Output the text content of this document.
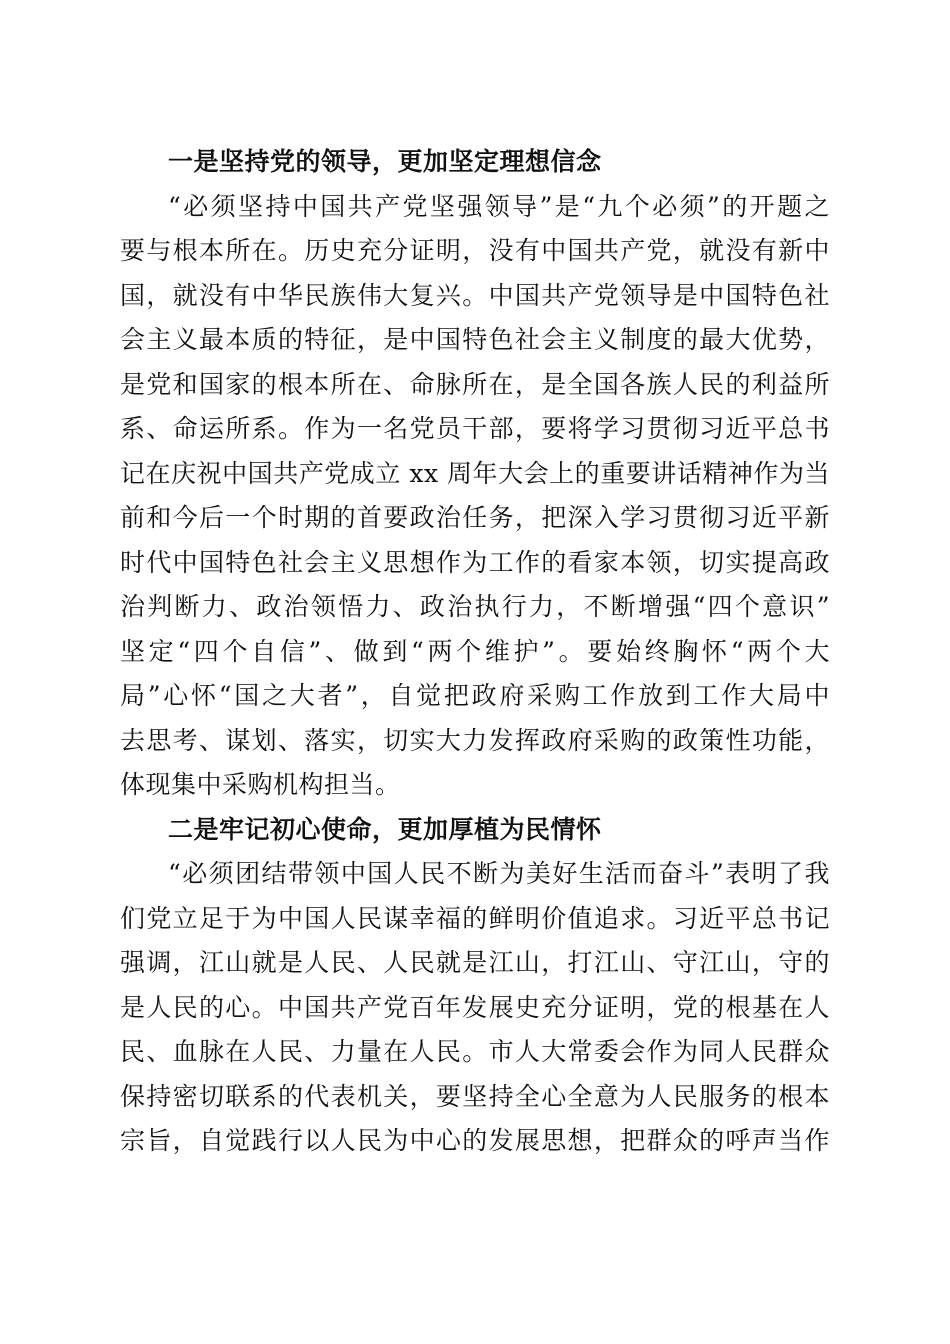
一是坚持党的领导，更加坚定理想信念
“必须坚持中国共产党坚强领导”是“九个必须”的开题之
要与根本所在。历史充分证明，没有中国共产党，就没有新中
国，就没有中华民族伟大复兴。中国共产党领导是中国特色社
会主义最本质的特征，是中国特色社会主义制度的最大优势，
是党和国家的根本所在、命脉所在，是全国各族人民的利益所
系、命运所系。作为一名党员干部，要将学习贯彻习近平总书
记在庆祝中国共产党成立 xx 周年大会上的重要讲话精神作为当
前和今后一个时期的首要政治任务，把深入学习贯彻习近平新
时代中国特色社会主义思想作为工作的看家本领，切实提高政
治判断力、政治领悟力、政治执行力，不断增强“四个意识”
坚定“四个自信”、做到“两个维护”。要始终胸怀“两个大
局”心怀“国之大者”，自觉把政府采购工作放到工作大局中
去思考、谋划、落实，切实大力发挥政府采购的政策性功能，
体现集中采购机构担当。
二是牢记初心使命，更加厚植为民情怀
“必须团结带领中国人民不断为美好生活而奋斗”表明了我
们党立足于为中国人民谋幸福的鲜明价值追求。习近平总书记
强调，江山就是人民、人民就是江山，打江山、守江山，守的
是人民的心。中国共产党百年发展史充分证明，党的根基在人
民、血脉在人民、力量在人民。市人大常委会作为同人民群众
保持密切联系的代表机关，要坚持全心全意为人民服务的根本
宗旨，自觉践行以人民为中心的发展思想，把群众的呼声当作
